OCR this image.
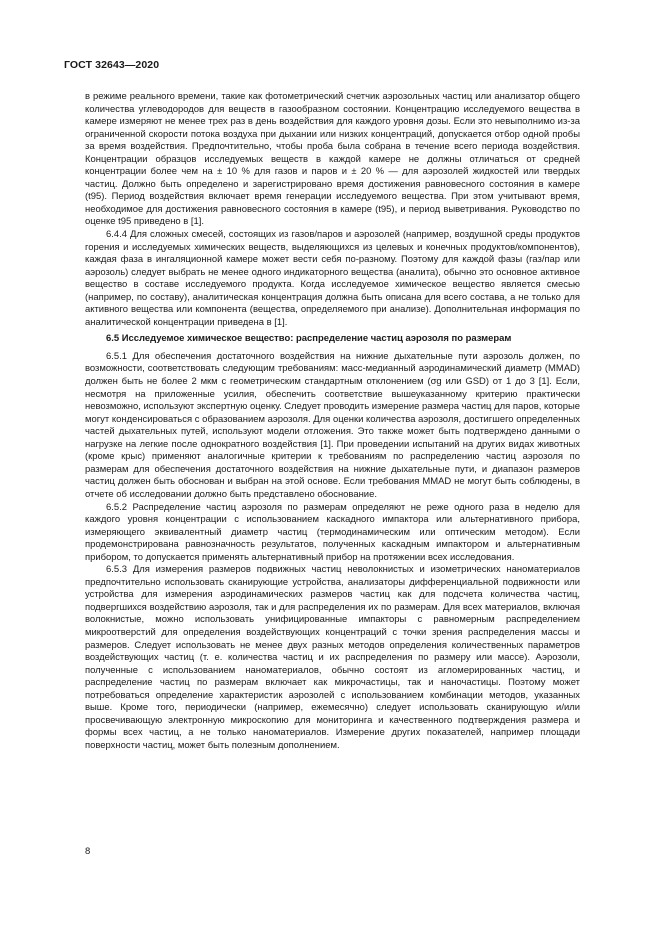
ГОСТ 32643—2020

в режиме реального времени, такие как фотометрический счетчик аэрозольных частиц или анализатор общего количества углеводородов для веществ в газообразном состоянии. Концентрацию исследуемого вещества в камере измеряют не менее трех раз в день воздействия для каждого уровня дозы. Если это невыполнимо из-за ограниченной скорости потока воздуха при дыхании или низких концентраций, допускается отбор одной пробы за время воздействия. Предпочтительно, чтобы проба была собрана в течение всего периода воздействия. Концентрации образцов исследуемых веществ в каждой камере не должны отличаться от средней концентрации более чем на ± 10 % для газов и паров и ± 20 % — для аэрозолей жидкостей или твердых частиц. Должно быть определено и зарегистрировано время достижения равновесного состояния в камере (t95). Период воздействия включает время генерации исследуемого вещества. При этом учитывают время, необходимое для достижения равновесного состояния в камере (t95), и период выветривания. Руководство по оценке t95 приведено в [1].

6.4.4 Для сложных смесей, состоящих из газов/паров и аэрозолей (например, воздушной среды продуктов горения и исследуемых химических веществ, выделяющихся из целевых и конечных продуктов/компонентов), каждая фаза в ингаляционной камере может вести себя по-разному. Поэтому для каждой фазы (газ/пар или аэрозоль) следует выбрать не менее одного индикаторного вещества (аналита), обычно это основное активное вещество в составе исследуемого продукта. Когда исследуемое химическое вещество является смесью (например, по составу), аналитическая концентрация должна быть описана для всего состава, а не только для активного вещества или компонента (вещества, определяемого при анализе). Дополнительная информация по аналитической концентрации приведена в [1].

6.5 Исследуемое химическое вещество: распределение частиц аэрозоля по размерам

6.5.1 Для обеспечения достаточного воздействия на нижние дыхательные пути аэрозоль должен, по возможности, соответствовать следующим требованиям: масс-медианный аэродинамический диаметр (MMAD) должен быть не более 2 мкм с геометрическим стандартным отклонением (σg или GSD) от 1 до 3 [1]. Если, несмотря на приложенные усилия, обеспечить соответствие вышеуказанному критерию практически невозможно, используют экспертную оценку. Следует проводить измерение размера частиц для паров, которые могут конденсироваться с образованием аэрозоля. Для оценки количества аэрозоля, достигшего определенных частей дыхательных путей, используют модели отложения. Это также может быть подтверждено данными о нагрузке на легкие после однократного воздействия [1]. При проведении испытаний на других видах животных (кроме крыс) применяют аналогичные критерии к требованиям по распределению частиц аэрозоля по размерам для обеспечения достаточного воздействия на нижние дыхательные пути, и диапазон размеров частиц должен быть обоснован и выбран на этой основе. Если требования MMAD не могут быть соблюдены, в отчете об исследовании должно быть представлено обоснование.

6.5.2 Распределение частиц аэрозоля по размерам определяют не реже одного раза в неделю для каждого уровня концентрации с использованием каскадного импактора или альтернативного прибора, измеряющего эквивалентный диаметр частиц (термодинамическим или оптическим методом). Если продемонстрирована равнозначность результатов, полученных каскадным импактором и альтернативным прибором, то допускается применять альтернативный прибор на протяжении всех исследования.

6.5.3 Для измерения размеров подвижных частиц неволокнистых и изометрических наноматериалов предпочтительно использовать сканирующие устройства, анализаторы дифференциальной подвижности или устройства для измерения аэродинамических размеров частиц как для подсчета количества частиц, подвергшихся воздействию аэрозоля, так и для распределения их по размерам. Для всех материалов, включая волокнистые, можно использовать унифицированные импакторы с равномерным распределением микроотверстий для определения воздействующих концентраций с точки зрения распределения массы и размеров. Следует использовать не менее двух разных методов определения количественных параметров воздействующих частиц (т. е. количества частиц и их распределения по размеру или массе). Аэрозоли, полученные с использованием наноматериалов, обычно состоят из агломерированных частиц, и распределение частиц по размерам включает как микрочастицы, так и наночастицы. Поэтому может потребоваться определение характеристик аэрозолей с использованием комбинации методов, указанных выше. Кроме того, периодически (например, ежемесячно) следует использовать сканирующую и/или просвечивающую электронную микроскопию для мониторинга и качественного подтверждения размера и формы всех частиц, а не только наноматериалов. Измерение других показателей, например площади поверхности частиц, может быть полезным дополнением.

8
